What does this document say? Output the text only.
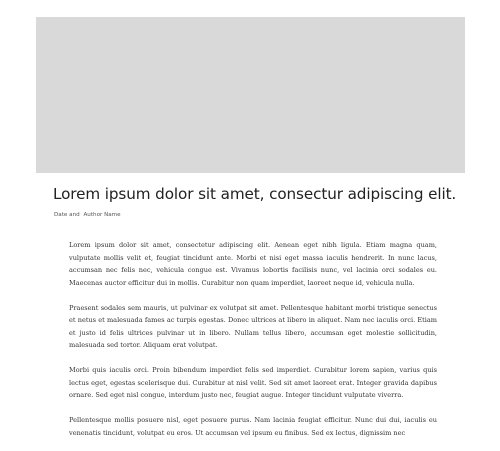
Lorem ipsum dolor sit amet, consectur adipiscing elit.
Date and Author Name

Lorem ipsum dolor sit amet, consectetur adipiscing elit. Aenean eget nibh ligula. Etiam magna quam, vulputate mollis velit et, feugiat tincidunt ante. Morbi et nisi eget massa iaculis hendrerit. In nunc lacus, accumsan nec felis nec, vehicula congue est. Vivamus lobortis facilisis nunc, vel lacinia orci sodales eu. Maecenas auctor efficitur dui in mollis. Curabitur non quam imperdiet, laoreet neque id, vehicula nulla.

Praesent sodales sem mauris, ut pulvinar ex volutpat sit amet. Pellentesque habitant morbi tristique senectus et netus et malesuada fames ac turpis egestas. Donec ultrices at libero in aliquet. Nam nec iaculis orci. Etiam et justo id felis ultrices pulvinar ut in libero. Nullam tellus libero, accumsan eget molestie sollicitudin, malesuada sed tortor. Aliquam erat volutpat.

Morbi quis iaculis orci. Proin bibendum imperdiet felis sed imperdiet. Curabitur lorem sapien, varius quis lectus eget, egestas scelerisque dui. Curabitur at nisl velit. Sed sit amet laoreet erat. Integer gravida dapibus ornare. Sed eget nisl congue, interdum justo nec, feugiat augue. Integer tincidunt vulputate viverra.

Pellentesque mollis posuere nisl, eget posuere purus. Nam lacinia feugiat efficitur. Nunc dui dui, iaculis eu venenatis tincidunt, volutpat eu eros. Ut accumsan vel ipsum eu finibus. Sed ex lectus, dignissim nec
